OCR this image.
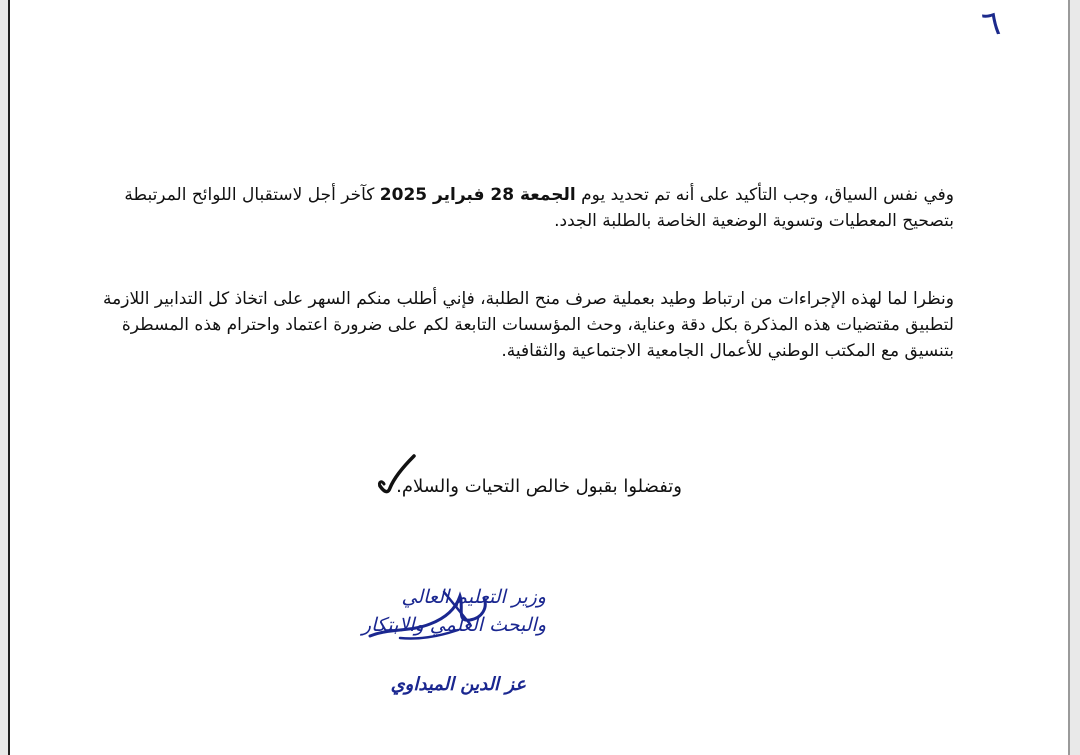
٦
وفي نفس السياق، وجب التأكيد على أنه تم تحديد يوم الجمعة 28 فبراير 2025 كآخر أجل لاستقبال اللوائح المرتبطة
بتصحيح المعطيات وتسوية الوضعية الخاصة بالطلبة الجدد.
ونظرا لما لهذه الإجراءات من ارتباط وطيد بعملية صرف منح الطلبة، فإني أطلب منكم السهر على اتخاذ كل التدابير اللازمة
لتطبيق مقتضيات هذه المذكرة بكل دقة وعناية، وحث المؤسسات التابعة لكم على ضرورة اعتماد واحترام هذه المسطرة
بتنسيق مع المكتب الوطني للأعمال الجامعية الاجتماعية والثقافية.
وتفضلوا بقبول خالص التحيات والسلام.
وزير التعليم العالي
والبحث العلمي والابتكار
عز الدين الميداوي
